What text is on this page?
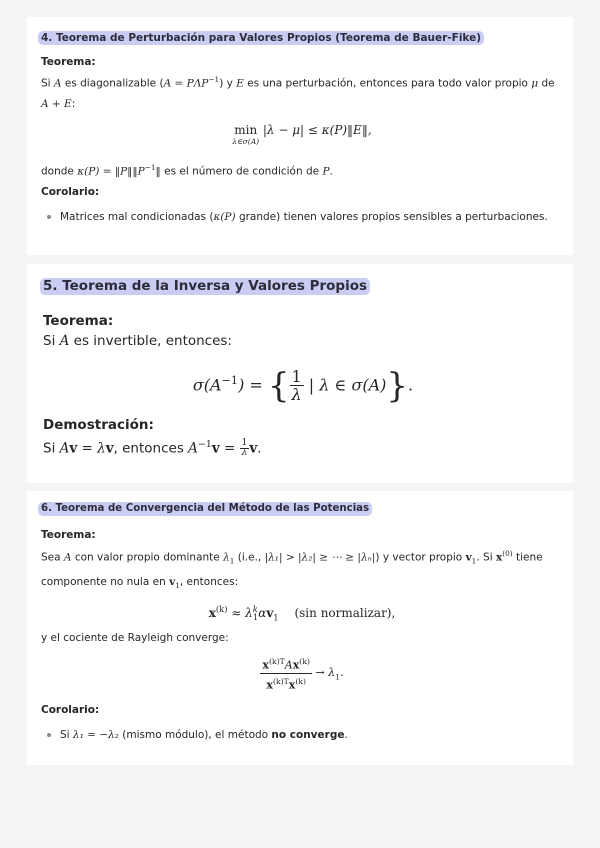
4. Teorema de Perturbación para Valores Propios (Teorema de Bauer-Fike)
Teorema:
Si A es diagonalizable $(A = P\Lambda P^{-1})$ y E es una perturbación, entonces para todo valor propio μ de
A + E:
min
λ∈σ(A)
|λ − μ| ≤ κ(P)‖E‖,
donde $\kappa(P) = ‖P‖‖P^{-1}‖$ es el número de condición de P.
Corolario:
Matrices mal condicionadas (κ(P) grande) tienen valores propios sensibles a perturbaciones.
5. Teorema de la Inversa y Valores Propios
Teorema:
Si A es invertible, entonces:
$\sigma(A^{-1})$ = { $\frac{1}{\lambda}$ | λ ∈ σ(A)}.
Demostración:
Si Av = λv, entonces $A^{-1}v = \frac{1}{\lambda} v$.
6. Teorema de Convergencia del Método de las Potencias
Teorema:
Sea A con valor propio dominante $\lambda_1$ (i.e., |λ₁| > |λ₂| ≥ ⋯ ≥ |λₙ|) y vector propio $v_1$. Si $x^{(0)}$ tiene
componente no nula en $v_1$, entonces:
$x^{(k)} \approx \lambda^k_1\alpha v_1$ (sin normalizar),
y el cociente de Rayleigh converge:
$\frac{x^{(k)T}Ax^{(k)}}{x^{(k)T}x^{(k)}} \to \lambda_1$.
Corolario:
Si λ₁ = −λ₂ (mismo módulo), el método no converge.
